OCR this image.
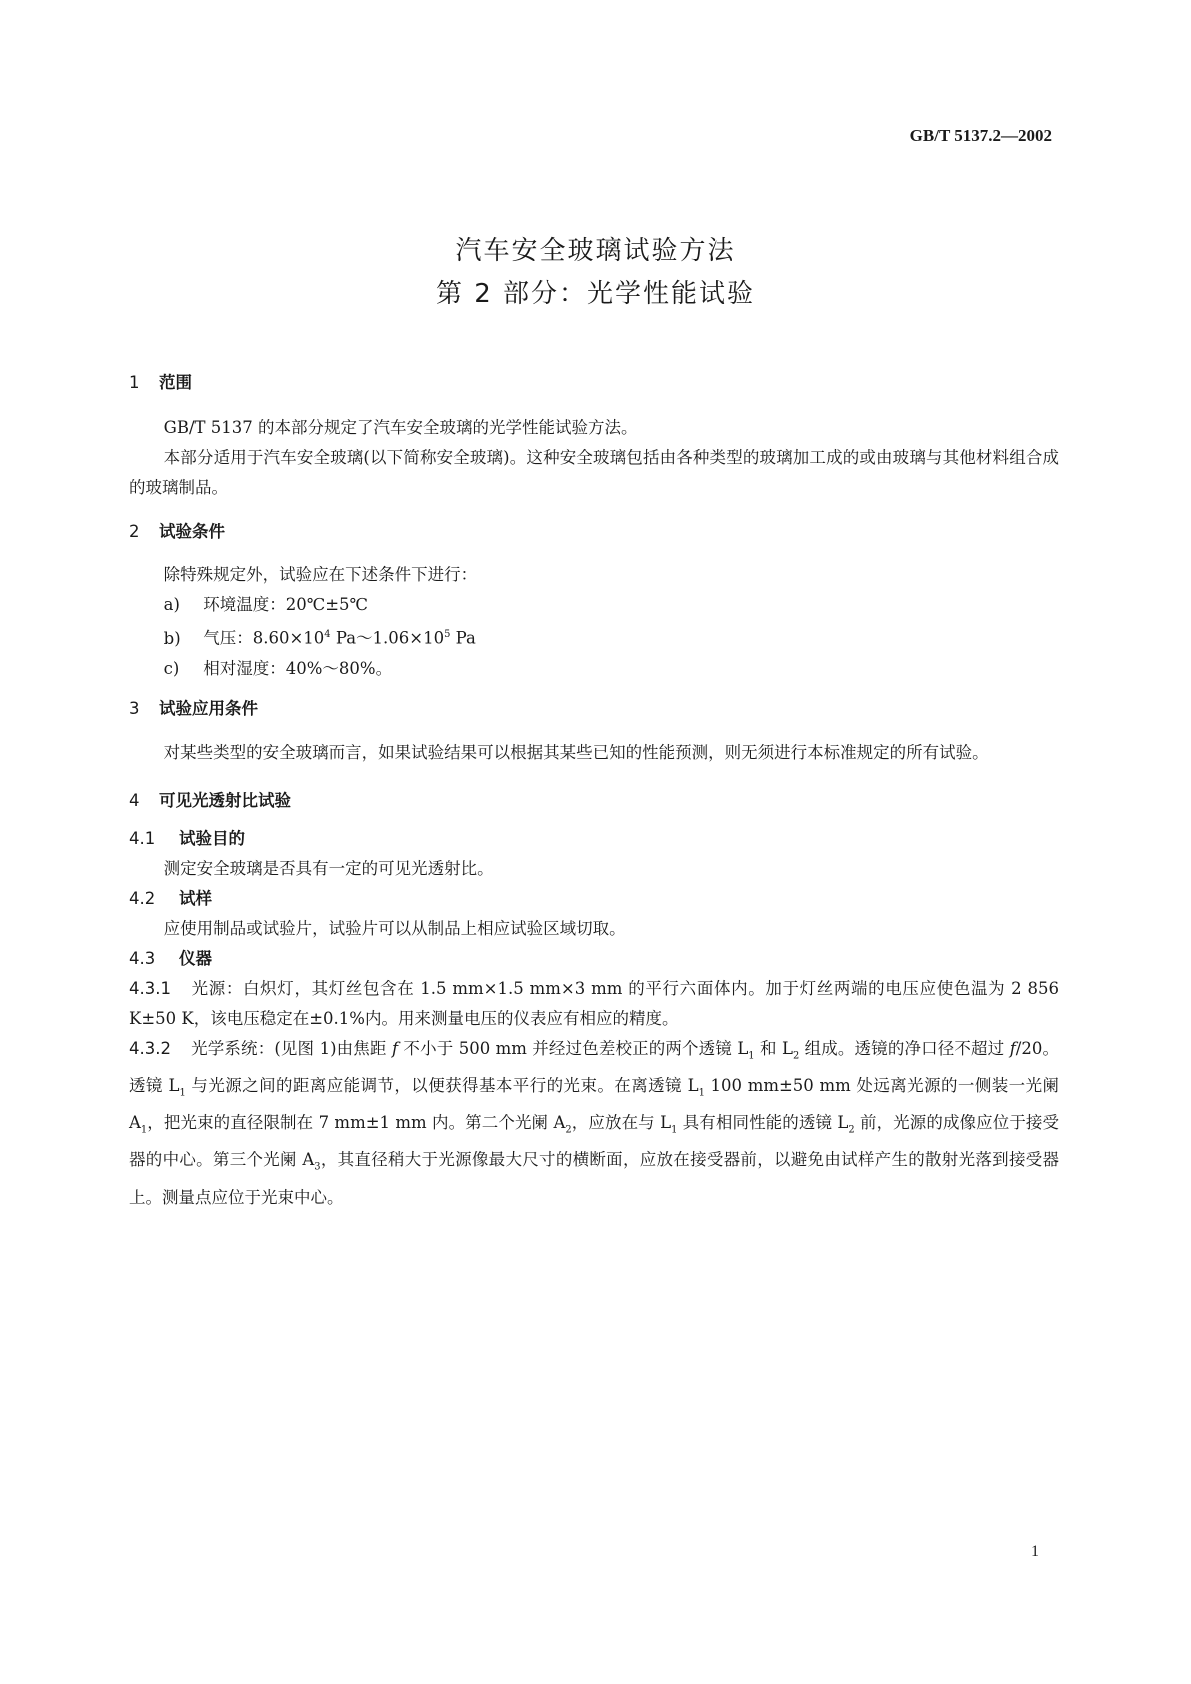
GB/T 5137.2—2002
汽车安全玻璃试验方法
第 2 部分：光学性能试验
1 范围

GB/T 5137 的本部分规定了汽车安全玻璃的光学性能试验方法。

本部分适用于汽车安全玻璃(以下简称安全玻璃)。这种安全玻璃包括由各种类型的玻璃加工成的或由玻璃与其他材料组合成的玻璃制品。

2 试验条件

除特殊规定外，试验应在下述条件下进行：

a) 环境温度：20℃±5℃

b) 气压：$8.60\times 10^4$ $Pa\sim 1.06\times 10^5$ Pa

c) 相对湿度：40%～80%。

3 试验应用条件

对某些类型的安全玻璃而言，如果试验结果可以根据其某些已知的性能预测，则无须进行本标准规定的所有试验。

4 可见光透射比试验
4.1 试验目的

测定安全玻璃是否具有一定的可见光透射比。

4.2 试样

应使用制品或试验片，试验片可以从制品上相应试验区域切取。

4.3 仪器

4.3.1 光源：白炽灯，其灯丝包含在 1.5 mm×1.5 mm×3 mm 的平行六面体内。加于灯丝两端的电压应使色温为 2 856 K±50 K，该电压稳定在±0.1%内。用来测量电压的仪表应有相应的精度。

4.3.2 光学系统：(见图 1)由焦距 f 不小于 500 mm 并经过色差校正的两个透镜 $L_1$ 和 $L_2$ 组成。透镜的净口径不超过 f/20。透镜 $L_1$ 与光源之间的距离应能调节，以便获得基本平行的光束。在离透镜 $L_1$ 100 mm±50 mm 处远离光源的一侧装一光阑 $A_1$，把光束的直径限制在 7 mm±1 mm 内。第二个光阑 $A_2$，应放在与 $L_1$ 具有相同性能的透镜 $L_2$ 前，光源的成像应位于接受器的中心。第三个光阑 $A_3$，其直径稍大于光源像最大尺寸的横断面，应放在接受器前，以避免由试样产生的散射光落到接受器上。测量点应位于光束中心。

1
